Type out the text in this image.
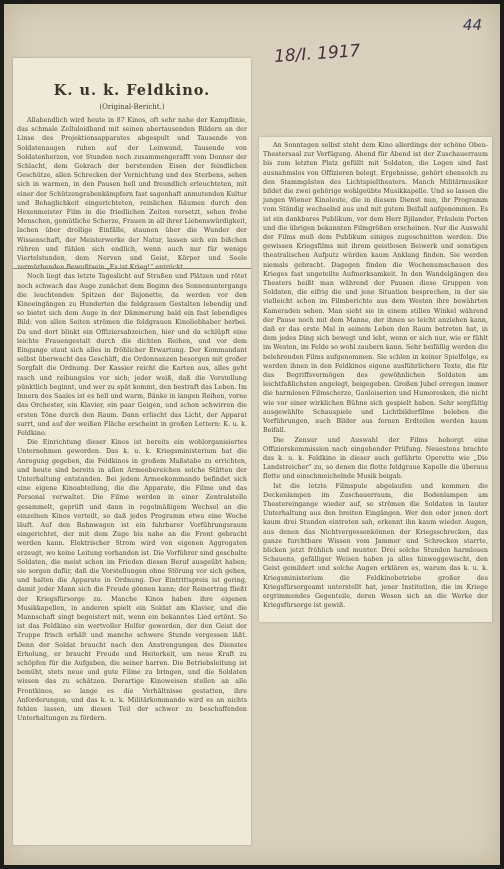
44
18/I. 1917
K. u. k. Feldkino.
(Original-Bericht.)

Allabendlich wird heute in 87 Kinos, oft sehr nahe der Kampflinie, das schmale Zelluloidband mit seinen abertausenden Bildern an der Linse des Projektionsapparates abgespult und Tausende von Soldatenaugen ruhen auf der Leinwand, Tausende von Soldatenherzen, vor Stunden noch zusammengerafft vom Donner der Schlacht, dem Gekrach der berstenden Eisen der feindlichen Geschütze, allen Schrecken der Vernichtung und des Sterbens, sehen sich in warmen, in den Pausen hell und freundlich erleuchteten, mit einer der Schützengrabenkämpfern fast sagenhaft anmutenden Kultur und Behaglichkeit eingerichteten, reinlichen Räumen durch den Hexenmeister Film in die friedlichen Zeiten versetzt, sehen frohe Menschen, gemütliche Scherze, Frauen in all ihrer Liebenswürdigkeit, lachen über drollige Einfälle, staunen über die Wunder der Wissenschaft, der Meisterwerke der Natur, lassen sich ein bißchen rühren und fühlen sich endlich, wenn auch nur für wenige Viertelstunden, dem Nerven und Geist, Körper und Seele

Noch liegt das letzte Tageslicht auf Straßen und Plätzen und rötet noch schwach das Auge zunächst dem Beginn des Sonnenuntergangs die leuchtenden Spitzen der Bajonette, da werden vor den Kinoeingängen zu Hunderten die feldgrauen Gestalten lebendig und so bietet sich dem Auge in der Dämmerung bald ein fast lebendiges Bild: von allen Seiten strömen die feldgrauen Kinoliebhaber herbei. Da und dort blinkt ein Offiziersabzeichen, hier und da schlüpft eine leichte Frauengestalt durch die dichten Reihen, und vor dem Eingange staut sich alles in fröhlicher Erwartung. Der Kommandant selbst überwacht das Geschäft, die Ordonnanzen besorgen mit großer Sorgfalt die Ordnung. Der Kassier reicht die Karten aus, alles geht rasch und reibungslos vor sich; jeder weiß, daß die Vorstellung pünktlich beginnt, und wer zu spät kommt, den bestraft das Leben. Im Innern des Saales ist es hell und warm, Bänke in langen Reihen, vorne das Orchester, ein Klavier, ein paar Geigen, und schon schwirren die ersten Töne durch den Raum. Dann erlischt das Licht, der Apparat surrt, und auf der weißen Fläche erscheint in großen Lettern: K. u. k. Feldkino.

Die Einrichtung dieser Kinos ist bereits ein wohlorganisiertes Unternehmen geworden. Das k. u. k. Kriegsministerium hat die Anregung gegeben, die Feldkinos in großem Maßstabe zu errichten, und heute sind bereits in allen Armeebereichen solche Stätten der Unterhaltung entstanden. Bei jedem Armeekommando befindet sich eine eigene Kinoabteilung, die die Apparate, die Filme und das Personal verwaltet. Die Filme werden in einer Zentralstelle gesammelt, geprüft und dann in regelmäßigem Wechsel an die einzelnen Kinos verteilt, so daß jedes Programm etwa eine Woche läuft. Auf den Bahnwagen ist ein fahrbarer Vorführungsraum eingerichtet, der mit dem Zuge bis nahe an die Front gebracht werden kann. Elektrischer Strom wird von eigenen Aggregaten erzeugt, wo keine Leitung vorhanden ist. Die Vorführer sind geschulte Soldaten, die meist schon im Frieden diesen Beruf ausgeübt haben; sie sorgen dafür, daß die Vorstellungen ohne Störung vor sich gehen, und halten die Apparate in Ordnung. Der Eintrittspreis ist gering, damit jeder Mann sich die Freude gönnen kann; der Reinertrag fließt der Kriegsfürsorge zu. Manche Kinos haben ihre eigenen Musikkapellen, in anderen spielt ein Soldat am Klavier, und die Mannschaft singt begeistert mit, wenn ein bekanntes Lied ertönt. So ist das Feldkino ein wertvoller Helfer geworden, der den Geist der Truppe frisch erhält und manche schwere Stunde vergessen läßt. Denn der Soldat braucht nach den Anstrengungen des Dienstes Erholung, er braucht Freude und Heiterkeit, um neue Kraft zu schöpfen für die Aufgaben, die seiner harren. Die Betriebsleitung ist bemüht, stets neue und gute Filme zu bringen, und die Soldaten wissen das zu schätzen. Derartige Kinoweisen stellen an alle Frontkinos, so lange es die Verhältnisse gestatten, ihre Anforderungen, und das k. u. k. Militärkommando wird es an nichts fehlen lassen, um diesen Teil der schwer zu beschaffenden Unterhaltungen zu fördern.

An Sonntagen selbst steht dem Kino allerdings der schöne Oben-Theatersaal zur Verfügung. Abend für Abend ist der Zuschauerraum bis zum letzten Platz gefüllt mit Soldaten, die Logen sind fast ausnahmslos von Offizieren belegt. Ergebnisse, gehört ebensolch zu den Stammgästen des Lichtspieltheaters. Manch Militärmusiker bildet die zwei gehörige wohlgeübte Musikkapelle. Und so lassen die jungen Wiener Kinoleute, die in diesem Dienst nun, ihr Programm vom Ständig wechselnd aus und mit gutem Beifall aufgenommen. Es ist ein dankbares Publikum, vor dem Herr Bjilander, Fräulein Porten und die übrigen bekannten Filmgrößen erscheinen. Nur die Auswahl der Films muß dem Publikum einiges zugeschnitten werden. Die gewissen Kriegsfilms mit ihrem geistlosen Beiwerk und sonstigen theatralischen Aufputz würden kaum Anklang finden. Sie werden niemals gebracht. Dagegen finden die Wochenumschauen des Krieges fast ungeteilte Aufmerksamkeit. In den Wandelgängen des Theaters heißt man während der Pausen diese Gruppen von Soldaten, die eifrig die und jene Situation besprechen, in der sie vielleicht schon im Filmberichte aus dem Westen ihre bewährten Kameraden sehen. Man sieht sie in einem stillen Winkel während der Pause noch mit dem Manne, der ihnen so leicht anziehen kann, daß er das erste Mal in seinem Leben den Raum betreten hat, in dem jedes Ding sich bewegt und lebt, wenn er sich nur, wie er fühlt im Westen, im Felde so wohl zaubern kann. Sehr beifällig werden die belehrenden Films aufgenommen. Sie schlen in keiner Spielfolge, es werden ihnen in den Feldkinos eigene ausführlichere Texte, die für das Begriffsvermögen des gewöhnlichen Soldaten am leichtfaßlichsten angelegt, beigegeben. Großen Jubel erregen immer die harmlosen Filmscherze, Gauloiserien und Humoresken, die nicht wie vor einer wirklichen Bühne sich gespielt haben. Sehr sorgfältig ausgewählte Schauspiele und Lichtbilderfilme beleben die Vorführungen, auch Bilder aus fernen Erdteilen werden kaum Beifall.

Die Zensur und Auswahl der Films beborgt eine Offizierskommission nach eingehender Prüfung. Neuestens brachte das k. u. k. Feldkino in dieser auch geführte Operette wie „Die Landstreicher“ zu, so denen die flotte feldgraue Kapelle die überaus flotte und einschmeichelnde Musik beigab.

Ist die letzte Filmspule abgelaufen und kommen die Deckenlampen im Zuschauerraum, die Bodenlampen am Theatereingange wieder auf, so strömen die Soldaten in lauter Unterhaltung aus den breiten Eingängen. Wer den oder jenen dort kaum drei Stunden eintreten sah, erkennt ihn kaum wieder. Augen, aus denen das Nichtvergessenkönnen der Kriegsschrecken, das ganze furchtbare Wissen vom Jammer und Schrecken starrte, blicken jetzt fröhlich und munter. Drei solche Stunden harmlosen Schauens, gefälliger Weisen haben ja alles hinweggewischt, den Geist gemildert und solche Augen erklären es, warum das k. u. k. Kriegsministerium die Feldkinobetriebe großer des Kriegsfürsorgeamt unterstellt hat, jener Institution, die im Kriege ergrimmendes Gegenteile, deren Wesen sich an die Werke der Kriegsfürsorge ist gewiß.
